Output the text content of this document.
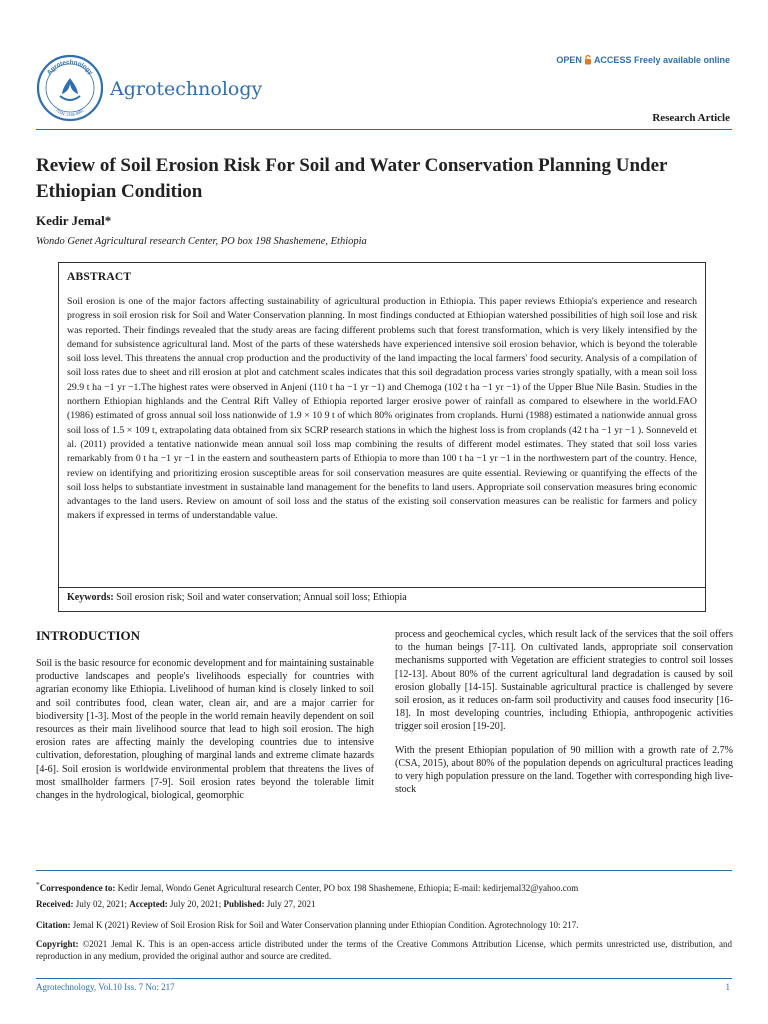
Agrotechnology
ISSN: 2168-9881
Agrotechnology
OPEN ACCESS Freely available online
Research Article
Review of Soil Erosion Risk For Soil and Water Conservation Planning Under Ethiopian Condition
Kedir Jemal*
Wondo Genet Agricultural research Center, PO box 198 Shashemene, Ethiopia
ABSTRACT

Soil erosion is one of the major factors affecting sustainability of agricultural production in Ethiopia. This paper reviews Ethiopia's experience and research progress in soil erosion risk for Soil and Water Conservation planning. In most findings conducted at Ethiopian watershed possibilities of high soil lose and risk was reported. Their findings revealed that the study areas are facing different problems such that forest transformation, which is very likely intensified by the demand for subsistence agricultural land. Most of the parts of these watersheds have experienced intensive soil erosion behavior, which is beyond the tolerable soil loss level. This threatens the annual crop production and the productivity of the land impacting the local farmers' food security. Analysis of a compilation of soil loss rates due to sheet and rill erosion at plot and catchment scales indicates that this soil degradation process varies strongly spatially, with a mean soil loss 29.9 t ha −1 yr −1.The highest rates were observed in Anjeni (110 t ha −1 yr −1) and Chemoga (102 t ha −1 yr −1) of the Upper Blue Nile Basin. Studies in the northern Ethiopian highlands and the Central Rift Valley of Ethiopia reported larger erosive power of rainfall as compared to elsewhere in the world.FAO (1986) estimated of gross annual soil loss nationwide of 1.9 × 10 9 t of which 80% originates from croplands. Hurni (1988) estimated a nationwide annual gross soil loss of 1.5 × 109 t, extrapolating data obtained from six SCRP research stations in which the highest loss is from croplands (42 t ha −1 yr −1 ). Sonneveld et al. (2011) provided a tentative nationwide mean annual soil loss map combining the results of different model estimates. They stated that soil loss varies remarkably from 0 t ha −1 yr −1 in the eastern and southeastern parts of Ethiopia to more than 100 t ha −1 yr −1 in the northwestern part of the country. Hence, review on identifying and prioritizing erosion susceptible areas for soil conservation measures are quite essential. Reviewing or quantifying the effects of the soil loss helps to substantiate investment in sustainable land management for the benefits to land users. Appropriate soil conservation measures bring economic advantages to the land users. Review on amount of soil loss and the status of the existing soil conservation measures can be realistic for farmers and policy makers if expressed in terms of understandable value.

Keywords: Soil erosion risk; Soil and water conservation; Annual soil loss; Ethiopia
INTRODUCTION

Soil is the basic resource for economic development and for maintaining sustainable productive landscapes and people's livelihoods especially for countries with agrarian economy like Ethiopia. Livelihood of human kind is closely linked to soil and soil contributes food, clean water, clean air, and are a major carrier for biodiversity [1-3]. Most of the people in the world remain heavily dependent on soil resources as their main livelihood source that lead to high soil erosion. The high erosion rates are affecting mainly the developing countries due to intensive cultivation, deforestation, ploughing of marginal lands and extreme climate hazards [4-6]. Soil erosion is worldwide environmental problem that threatens the lives of most smallholder farmers [7-9]. Soil erosion rates beyond the tolerable limit changes in the hydrological, biological, geomorphic

process and geochemical cycles, which result lack of the services that the soil offers to the human beings [7-11]. On cultivated lands, appropriate soil conservation mechanisms supported with Vegetation are efficient strategies to control soil losses [12-13]. About 80% of the current agricultural land degradation is caused by soil erosion globally [14-15]. Sustainable agricultural practice is challenged by severe soil erosion, as it reduces on-farm soil productivity and causes food insecurity [16-18]. In most developing countries, including Ethiopia, anthropogenic activities trigger soil erosion [19-20].

With the present Ethiopian population of 90 million with a growth rate of 2.7% (CSA, 2015), about 80% of the population depends on agricultural practices leading to very high population pressure on the land. Together with corresponding high live- stock

*Correspondence to: Kedir Jemal, Wondo Genet Agricultural research Center, PO box 198 Shashemene, Ethiopia; E-mail: kedirjemal32@yahoo.com
Received: July 02, 2021; Accepted: July 20, 2021; Published: July 27, 2021
Citation: Jemal K (2021) Review of Soil Erosion Risk for Soil and Water Conservation planning under Ethiopian Condition. Agrotechnology 10: 217.
Copyright: ©2021 Jemal K. This is an open-access article distributed under the terms of the Creative Commons Attribution License, which permits unrestricted use, distribution, and reproduction in any medium, provided the original author and source are credited.
Agrotechnology, Vol.10 Iss. 7 No: 217	1
